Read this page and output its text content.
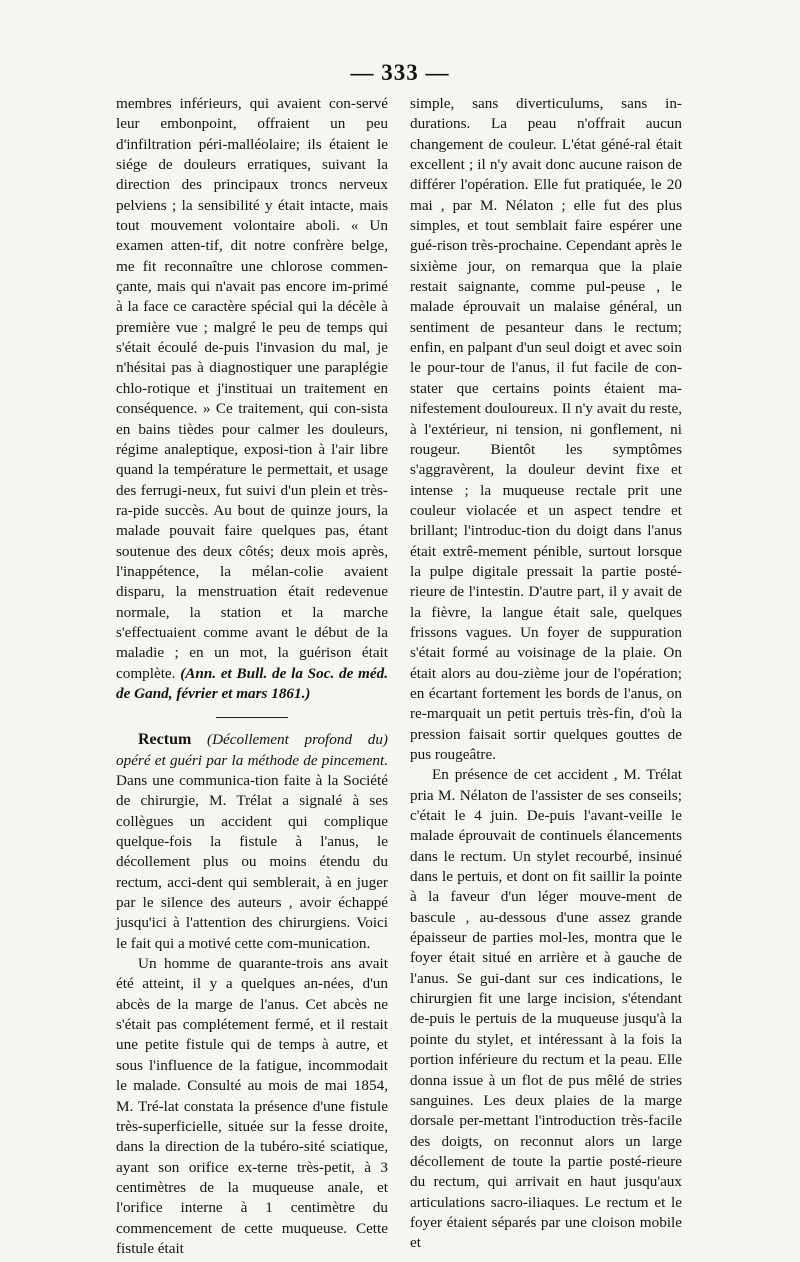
— 333 —

membres inférieurs, qui avaient con-servé leur embonpoint, offraient un peu d'infiltration péri-malléolaire; ils étaient le siége de douleurs erratiques, suivant la direction des principaux troncs nerveux pelviens ; la sensibilité y était intacte, mais tout mouvement volontaire aboli. « Un examen atten-tif, dit notre confrère belge, me fit reconnaître une chlorose commen-çante, mais qui n'avait pas encore im-primé à la face ce caractère spécial qui la décèle à première vue ; malgré le peu de temps qui s'était écoulé de-puis l'invasion du mal, je n'hésitai pas à diagnostiquer une paraplégie chlo-rotique et j'instituai un traitement en conséquence. » Ce traitement, qui con-sista en bains tièdes pour calmer les douleurs, régime analeptique, exposi-tion à l'air libre quand la température le permettait, et usage des ferrugi-neux, fut suivi d'un plein et très-ra-pide succès. Au bout de quinze jours, la malade pouvait faire quelques pas, étant soutenue des deux côtés; deux mois après, l'inappétence, la mélan-colie avaient disparu, la menstruation était redevenue normale, la station et la marche s'effectuaient comme avant le début de la maladie ; en un mot, la guérison était complète. (Ann. et Bull. de la Soc. de méd. de Gand, février et mars 1861.)

Rectum (Décollement profond du) opéré et guéri par la méthode de pincement. Dans une communica-tion faite à la Société de chirurgie, M. Trélat a signalé à ses collègues un accident qui complique quelque-fois la fistule à l'anus, le décollement plus ou moins étendu du rectum, acci-dent qui semblerait, à en juger par le silence des auteurs , avoir échappé jusqu'ici à l'attention des chirurgiens. Voici le fait qui a motivé cette com-munication.

Un homme de quarante-trois ans avait été atteint, il y a quelques an-nées, d'un abcès de la marge de l'anus. Cet abcès ne s'était pas complétement fermé, et il restait une petite fistule qui de temps à autre, et sous l'influence de la fatigue, incommodait le malade. Consulté au mois de mai 1854, M. Tré-lat constata la présence d'une fistule très-superficielle, située sur la fesse droite, dans la direction de la tubéro-sité sciatique, ayant son orifice ex-terne très-petit, à 3 centimètres de la muqueuse anale, et l'orifice interne à 1 centimètre du commencement de cette muqueuse. Cette fistule était

simple, sans diverticulums, sans in-durations. La peau n'offrait aucun changement de couleur. L'état géné-ral était excellent ; il n'y avait donc aucune raison de différer l'opération. Elle fut pratiquée, le 20 mai , par M. Nélaton ; elle fut des plus simples, et tout semblait faire espérer une gué-rison très-prochaine. Cependant après le sixième jour, on remarqua que la plaie restait saignante, comme pul-peuse , le malade éprouvait un malaise général, un sentiment de pesanteur dans le rectum; enfin, en palpant d'un seul doigt et avec soin le pour-tour de l'anus, il fut facile de con-stater que certains points étaient ma-nifestement douloureux. Il n'y avait du reste, à l'extérieur, ni tension, ni gonflement, ni rougeur. Bientôt les symptômes s'aggravèrent, la douleur devint fixe et intense ; la muqueuse rectale prit une couleur violacée et un aspect tendre et brillant; l'introduc-tion du doigt dans l'anus était extrê-mement pénible, surtout lorsque la pulpe digitale pressait la partie posté-rieure de l'intestin. D'autre part, il y avait de la fièvre, la langue était sale, quelques frissons vagues. Un foyer de suppuration s'était formé au voisinage de la plaie. On était alors au dou-zième jour de l'opération; en écartant fortement les bords de l'anus, on re-marquait un petit pertuis très-fin, d'où la pression faisait sortir quelques gouttes de pus rougeâtre.

En présence de cet accident , M. Trélat pria M. Nélaton de l'assister de ses conseils; c'était le 4 juin. De-puis l'avant-veille le malade éprouvait de continuels élancements dans le rectum. Un stylet recourbé, insinué dans le pertuis, et dont on fit saillir la pointe à la faveur d'un léger mouve-ment de bascule , au-dessous d'une assez grande épaisseur de parties mol-les, montra que le foyer était situé en arrière et à gauche de l'anus. Se gui-dant sur ces indications, le chirurgien fit une large incision, s'étendant de-puis le pertuis de la muqueuse jusqu'à la pointe du stylet, et intéressant à la fois la portion inférieure du rectum et la peau. Elle donna issue à un flot de pus mêlé de stries sanguines. Les deux plaies de la marge dorsale per-mettant l'introduction très-facile des doigts, on reconnut alors un large décollement de toute la partie posté-rieure du rectum, qui arrivait en haut jusqu'aux articulations sacro-iliaques. Le rectum et le foyer étaient séparés par une cloison mobile et
